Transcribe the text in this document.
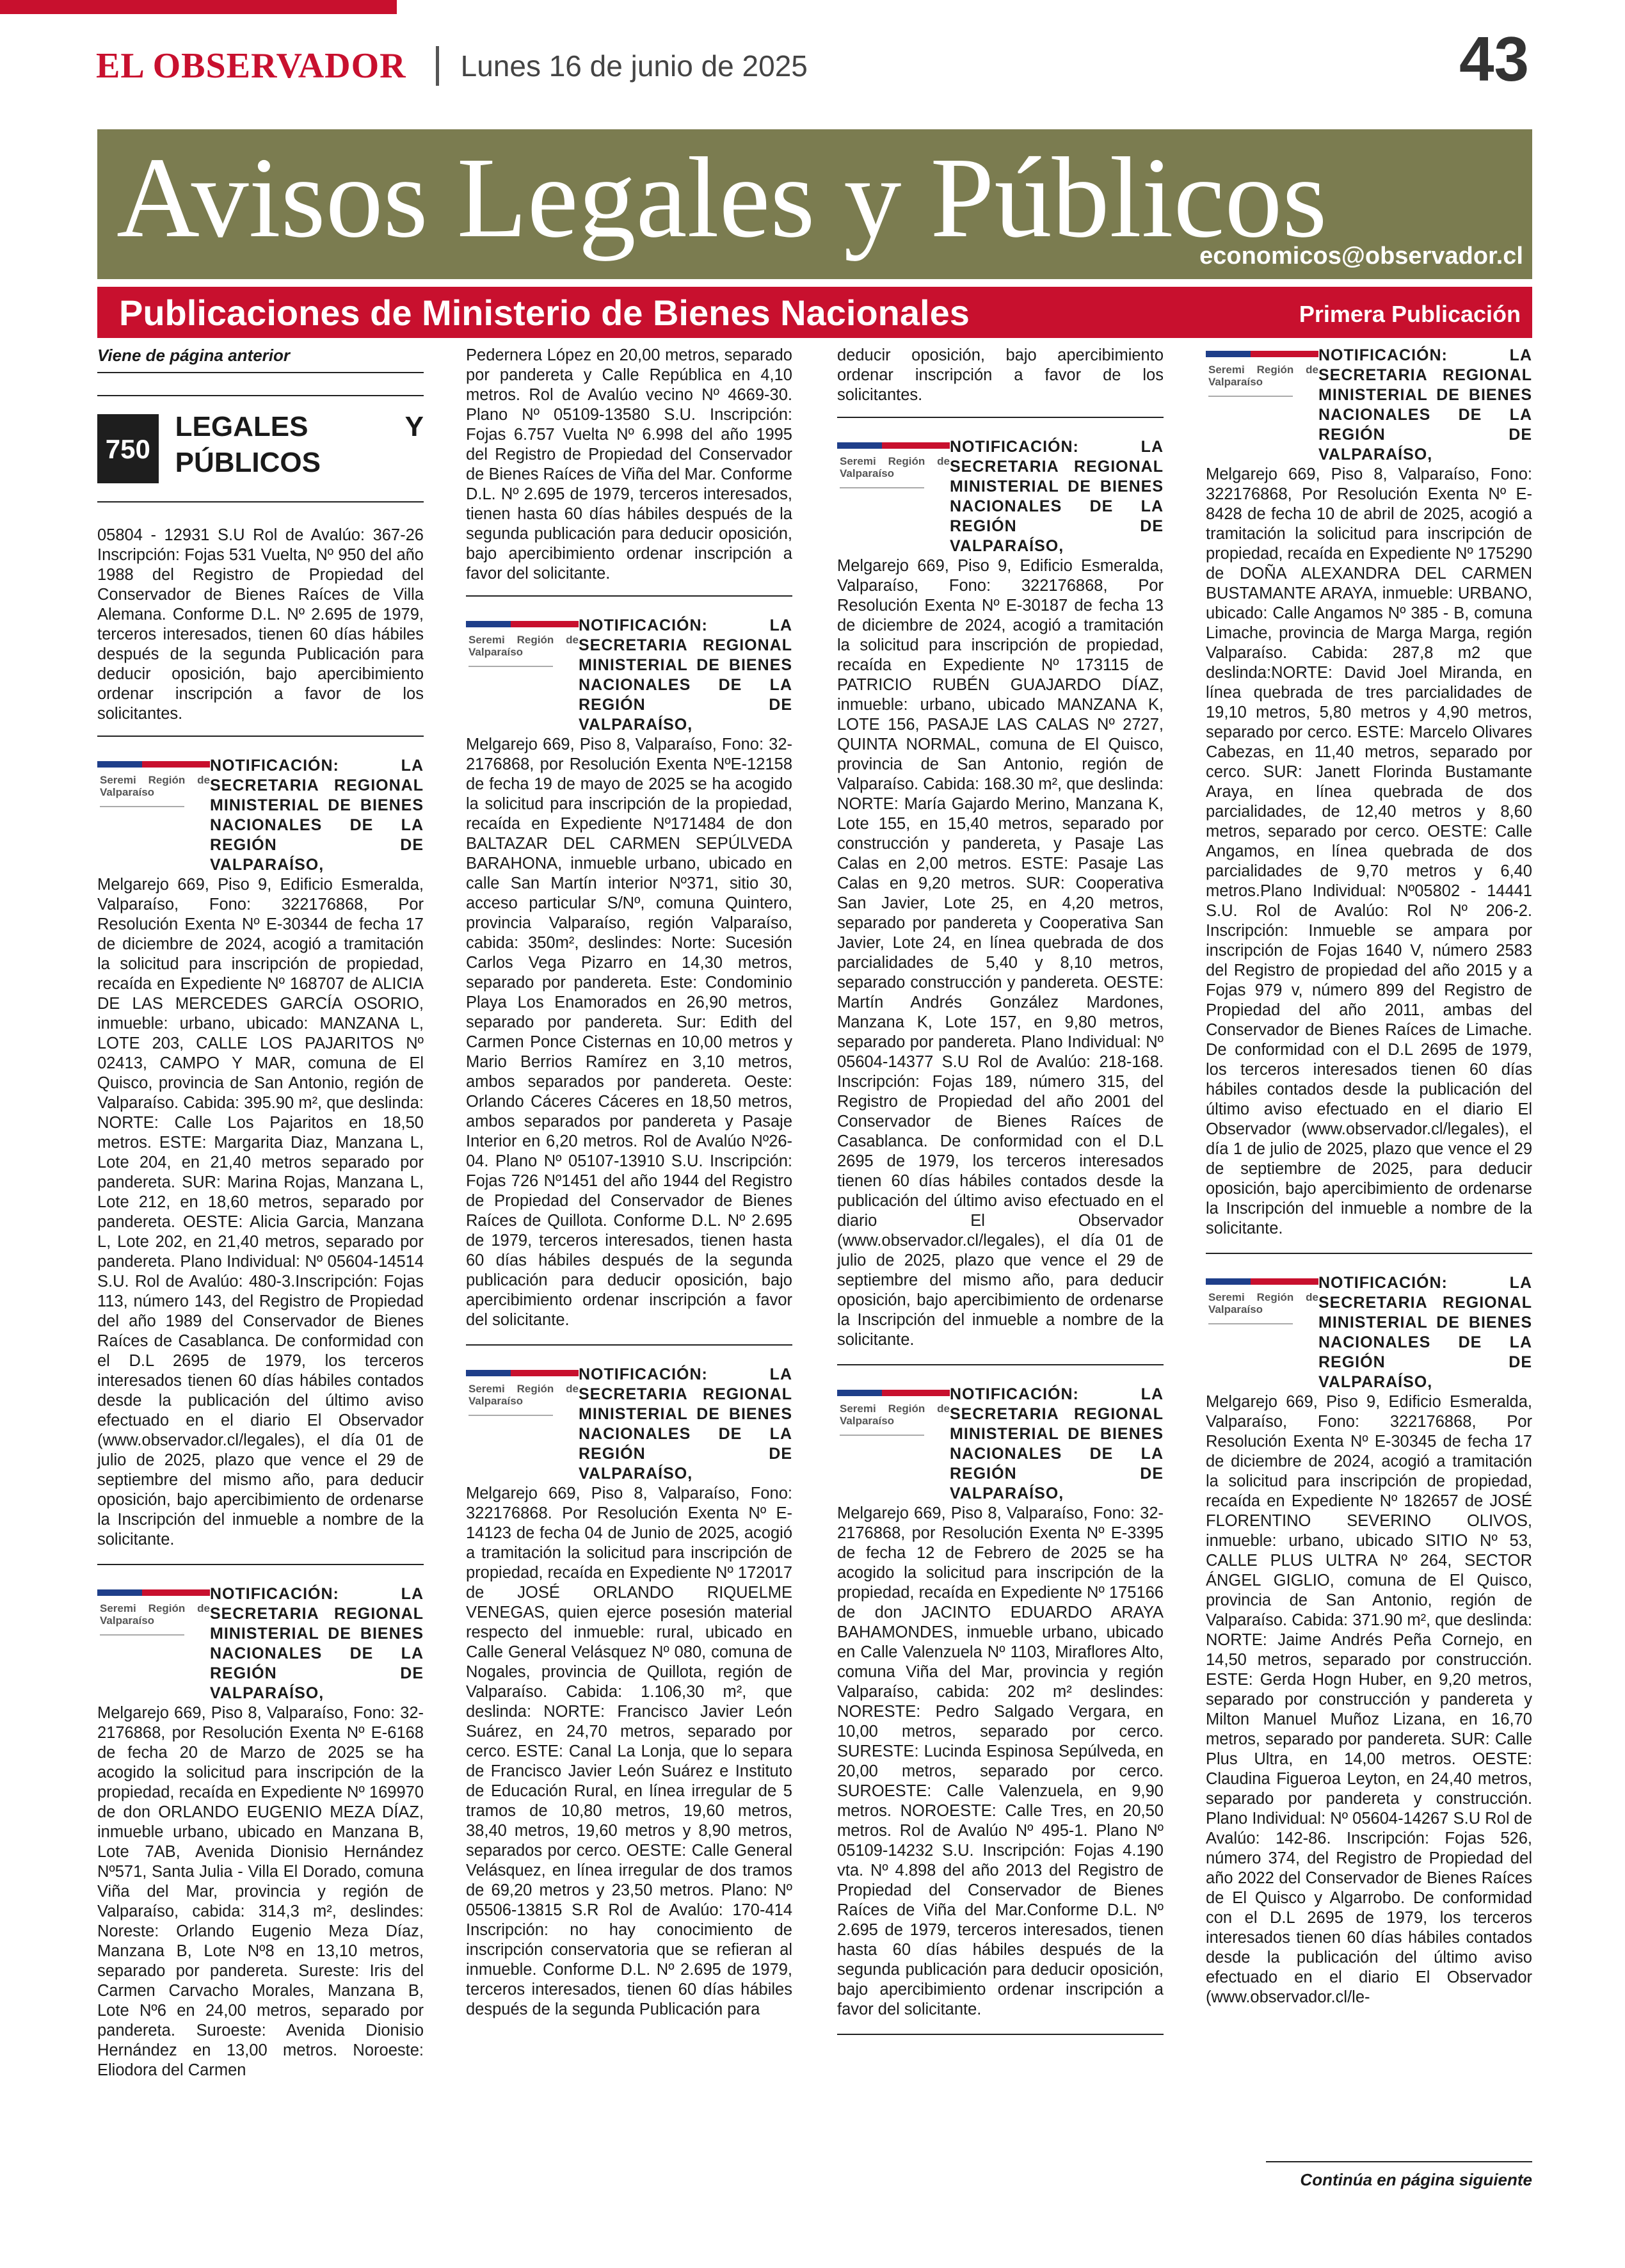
EL OBSERVADOR Lunes 16 de junio de 2025	43
Avisos Legales y Públicos
economicos@observador.cl
Publicaciones de Ministerio de Bienes Nacionales	Primera Publicación
Viene de página anterior
750
LEGALES Y PÚBLICOS

05804 - 12931 S.U Rol de Avalúo: 367-26 Inscripción: Fojas 531 Vuelta, Nº 950 del año 1988 del Registro de Propiedad del Conservador de Bienes Raíces de Villa Alemana. Conforme D.L. Nº 2.695 de 1979, terceros interesados, tienen 60 días hábiles después de la segunda Publicación para deducir oposición, bajo apercibimiento ordenar inscripción a favor de los solicitantes.

Seremi Región de Valparaíso
NOTIFICACIÓN: LA SECRETARIA REGIONAL MINISTERIAL DE BIENES NACIONALES DE LA REGIÓN DE VALPARAÍSO,

Melgarejo 669, Piso 9, Edificio Esmeralda, Valparaíso, Fono: 322176868, Por Resolución Exenta Nº E-30344 de fecha 17 de diciembre de 2024, acogió a tramitación la solicitud para inscripción de propiedad, recaída en Expediente Nº 168707 de ALICIA DE LAS MERCEDES GARCÍA OSORIO, inmueble: urbano, ubicado: MANZANA L, LOTE 203, CALLE LOS PAJARITOS Nº 02413, CAMPO Y MAR, comuna de El Quisco, provincia de San Antonio, región de Valparaíso. Cabida: 395.90 m², que deslinda: NORTE: Calle Los Pajaritos en 18,50 metros. ESTE: Margarita Diaz, Manzana L, Lote 204, en 21,40 metros separado por pandereta. SUR: Marina Rojas, Manzana L, Lote 212, en 18,60 metros, separado por pandereta. OESTE: Alicia Garcia, Manzana L, Lote 202, en 21,40 metros, separado por pandereta. Plano Individual: Nº 05604-14514 S.U. Rol de Avalúo: 480-3.Inscripción: Fojas 113, número 143, del Registro de Propiedad del año 1989 del Conservador de Bienes Raíces de Casablanca. De conformidad con el D.L 2695 de 1979, los terceros interesados tienen 60 días hábiles contados desde la publicación del último aviso efectuado en el diario El Observador (www.observador.cl/legales), el día 01 de julio de 2025, plazo que vence el 29 de septiembre del mismo año, para deducir oposición, bajo apercibimiento de ordenarse la Inscripción del inmueble a nombre de la solicitante.

Seremi Región de Valparaíso
NOTIFICACIÓN: LA SECRETARIA REGIONAL MINISTERIAL DE BIENES NACIONALES DE LA REGIÓN DE VALPARAÍSO,

Melgarejo 669, Piso 8, Valparaíso, Fono: 32-2176868, por Resolución Exenta Nº E-6168 de fecha 20 de Marzo de 2025 se ha acogido la solicitud para inscripción de la propiedad, recaída en Expediente Nº 169970 de don ORLANDO EUGENIO MEZA DÍAZ, inmueble urbano, ubicado en Manzana B, Lote 7AB, Avenida Dionisio Hernández Nº571, Santa Julia - Villa El Dorado, comuna Viña del Mar, provincia y región de Valparaíso, cabida: 314,3 m², deslindes: Noreste: Orlando Eugenio Meza Díaz, Manzana B, Lote Nº8 en 13,10 metros, separado por pandereta. Sureste: Iris del Carmen Carvacho Morales, Manzana B, Lote Nº6 en 24,00 metros, separado por pandereta. Suroeste: Avenida Dionisio Hernández en 13,00 metros. Noroeste: Eliodora del Carmen

Pedernera López en 20,00 metros, separado por pandereta y Calle República en 4,10 metros. Rol de Avalúo vecino Nº 4669-30. Plano Nº 05109-13580 S.U. Inscripción: Fojas 6.757 Vuelta Nº 6.998 del año 1995 del Registro de Propiedad del Conservador de Bienes Raíces de Viña del Mar. Conforme D.L. Nº 2.695 de 1979, terceros interesados, tienen hasta 60 días hábiles después de la segunda publicación para deducir oposición, bajo apercibimiento ordenar inscripción a favor del solicitante.

Seremi Región de Valparaíso
NOTIFICACIÓN: LA SECRETARIA REGIONAL MINISTERIAL DE BIENES NACIONALES DE LA REGIÓN DE VALPARAÍSO,

Melgarejo 669, Piso 8, Valparaíso, Fono: 32-2176868, por Resolución Exenta NºE-12158 de fecha 19 de mayo de 2025 se ha acogido la solicitud para inscripción de la propiedad, recaída en Expediente Nº171484 de don BALTAZAR DEL CARMEN SEPÚLVEDA BARAHONA, inmueble urbano, ubicado en calle San Martín interior Nº371, sitio 30, acceso particular S/Nº, comuna Quintero, provincia Valparaíso, región Valparaíso, cabida: 350m², deslindes: Norte: Sucesión Carlos Vega Pizarro en 14,30 metros, separado por pandereta. Este: Condominio Playa Los Enamorados en 26,90 metros, separado por pandereta. Sur: Edith del Carmen Ponce Cisternas en 10,00 metros y Mario Berrios Ramírez en 3,10 metros, ambos separados por pandereta. Oeste: Orlando Cáceres Cáceres en 18,50 metros, ambos separados por pandereta y Pasaje Interior en 6,20 metros. Rol de Avalúo Nº26-04. Plano Nº 05107-13910 S.U. Inscripción: Fojas 726 Nº1451 del año 1944 del Registro de Propiedad del Conservador de Bienes Raíces de Quillota. Conforme D.L. Nº 2.695 de 1979, terceros interesados, tienen hasta 60 días hábiles después de la segunda publicación para deducir oposición, bajo apercibimiento ordenar inscripción a favor del solicitante.

Seremi Región de Valparaíso
NOTIFICACIÓN: LA SECRETARIA REGIONAL MINISTERIAL DE BIENES NACIONALES DE LA REGIÓN DE VALPARAÍSO,

Melgarejo 669, Piso 8, Valparaíso, Fono: 322176868. Por Resolución Exenta Nº E-14123 de fecha 04 de Junio de 2025, acogió a tramitación la solicitud para inscripción de propiedad, recaída en Expediente Nº 172017 de JOSÉ ORLANDO RIQUELME VENEGAS, quien ejerce posesión material respecto del inmueble: rural, ubicado en Calle General Velásquez Nº 080, comuna de Nogales, provincia de Quillota, región de Valparaíso. Cabida: 1.106,30 m², que deslinda: NORTE: Francisco Javier León Suárez, en 24,70 metros, separado por cerco. ESTE: Canal La Lonja, que lo separa de Francisco Javier León Suárez e Instituto de Educación Rural, en línea irregular de 5 tramos de 10,80 metros, 19,60 metros, 38,40 metros, 19,60 metros y 8,90 metros, separados por cerco. OESTE: Calle General Velásquez, en línea irregular de dos tramos de 69,20 metros y 23,50 metros. Plano: Nº 05506-13815 S.R Rol de Avalúo: 170-414 Inscripción: no hay conocimiento de inscripción conservatoria que se refieran al inmueble. Conforme D.L. Nº 2.695 de 1979, terceros interesados, tienen 60 días hábiles después de la segunda Publicación para

deducir oposición, bajo apercibimiento ordenar inscripción a favor de los solicitantes.

Seremi Región de Valparaíso
NOTIFICACIÓN: LA SECRETARIA REGIONAL MINISTERIAL DE BIENES NACIONALES DE LA REGIÓN DE VALPARAÍSO,

Melgarejo 669, Piso 9, Edificio Esmeralda, Valparaíso, Fono: 322176868, Por Resolución Exenta Nº E-30187 de fecha 13 de diciembre de 2024, acogió a tramitación la solicitud para inscripción de propiedad, recaída en Expediente Nº 173115 de PATRICIO RUBÉN GUAJARDO DÍAZ, inmueble: urbano, ubicado MANZANA K, LOTE 156, PASAJE LAS CALAS Nº 2727, QUINTA NORMAL, comuna de El Quisco, provincia de San Antonio, región de Valparaíso. Cabida: 168.30 m², que deslinda: NORTE: María Gajardo Merino, Manzana K, Lote 155, en 15,40 metros, separado por construcción y pandereta, y Pasaje Las Calas en 2,00 metros. ESTE: Pasaje Las Calas en 9,20 metros. SUR: Cooperativa San Javier, Lote 25, en 4,20 metros, separado por pandereta y Cooperativa San Javier, Lote 24, en línea quebrada de dos parcialidades de 5,40 y 8,10 metros, separado construcción y pandereta. OESTE: Martín Andrés González Mardones, Manzana K, Lote 157, en 9,80 metros, separado por pandereta. Plano Individual: Nº 05604-14377 S.U Rol de Avalúo: 218-168. Inscripción: Fojas 189, número 315, del Registro de Propiedad del año 2001 del Conservador de Bienes Raíces de Casablanca. De conformidad con el D.L 2695 de 1979, los terceros interesados tienen 60 días hábiles contados desde la publicación del último aviso efectuado en el diario El Observador (www.observador.cl/legales), el día 01 de julio de 2025, plazo que vence el 29 de septiembre del mismo año, para deducir oposición, bajo apercibimiento de ordenarse la Inscripción del inmueble a nombre de la solicitante.

Seremi Región de Valparaíso
NOTIFICACIÓN: LA SECRETARIA REGIONAL MINISTERIAL DE BIENES NACIONALES DE LA REGIÓN DE VALPARAÍSO,

Melgarejo 669, Piso 8, Valparaíso, Fono: 32-2176868, por Resolución Exenta Nº E-3395 de fecha 12 de Febrero de 2025 se ha acogido la solicitud para inscripción de la propiedad, recaída en Expediente Nº 175166 de don JACINTO EDUARDO ARAYA BAHAMONDES, inmueble urbano, ubicado en Calle Valenzuela Nº 1103, Miraflores Alto, comuna Viña del Mar, provincia y región Valparaíso, cabida: 202 m² deslindes: NORESTE: Pedro Salgado Vergara, en 10,00 metros, separado por cerco. SURESTE: Lucinda Espinosa Sepúlveda, en 20,00 metros, separado por cerco. SUROESTE: Calle Valenzuela, en 9,90 metros. NOROESTE: Calle Tres, en 20,50 metros. Rol de Avalúo Nº 495-1. Plano Nº 05109-14232 S.U. Inscripción: Fojas 4.190 vta. Nº 4.898 del año 2013 del Registro de Propiedad del Conservador de Bienes Raíces de Viña del Mar.Conforme D.L. Nº 2.695 de 1979, terceros interesados, tienen hasta 60 días hábiles después de la segunda publicación para deducir oposición, bajo apercibimiento ordenar inscripción a favor del solicitante.

Seremi Región de Valparaíso
NOTIFICACIÓN: LA SECRETARIA REGIONAL MINISTERIAL DE BIENES NACIONALES DE LA REGIÓN DE VALPARAÍSO,

Melgarejo 669, Piso 8, Valparaíso, Fono: 322176868, Por Resolución Exenta Nº E-8428 de fecha 10 de abril de 2025, acogió a tramitación la solicitud para inscripción de propiedad, recaída en Expediente Nº 175290 de DOÑA ALEXANDRA DEL CARMEN BUSTAMANTE ARAYA, inmueble: URBANO, ubicado: Calle Angamos Nº 385 - B, comuna Limache, provincia de Marga Marga, región Valparaíso. Cabida: 287,8 m2 que deslinda:NORTE: David Joel Miranda, en línea quebrada de tres parcialidades de 19,10 metros, 5,80 metros y 4,90 metros, separado por cerco. ESTE: Marcelo Olivares Cabezas, en 11,40 metros, separado por cerco. SUR: Janett Florinda Bustamante Araya, en línea quebrada de dos parcialidades, de 12,40 metros y 8,60 metros, separado por cerco. OESTE: Calle Angamos, en línea quebrada de dos parcialidades de 9,70 metros y 6,40 metros.Plano Individual: Nº05802 - 14441 S.U. Rol de Avalúo: Rol Nº 206-2. Inscripción: Inmueble se ampara por inscripción de Fojas 1640 V, número 2583 del Registro de propiedad del año 2015 y a Fojas 979 v, número 899 del Registro de Propiedad del año 2011, ambas del Conservador de Bienes Raíces de Limache. De conformidad con el D.L 2695 de 1979, los terceros interesados tienen 60 días hábiles contados desde la publicación del último aviso efectuado en el diario El Observador (www.observador.cl/legales), el día 1 de julio de 2025, plazo que vence el 29 de septiembre de 2025, para deducir oposición, bajo apercibimiento de ordenarse la Inscripción del inmueble a nombre de la solicitante.

Seremi Región de Valparaíso
NOTIFICACIÓN: LA SECRETARIA REGIONAL MINISTERIAL DE BIENES NACIONALES DE LA REGIÓN DE VALPARAÍSO,

Melgarejo 669, Piso 9, Edificio Esmeralda, Valparaíso, Fono: 322176868, Por Resolución Exenta Nº E-30345 de fecha 17 de diciembre de 2024, acogió a tramitación la solicitud para inscripción de propiedad, recaída en Expediente Nº 182657 de JOSÉ FLORENTINO SEVERINO OLIVOS, inmueble: urbano, ubicado SITIO Nº 53, CALLE PLUS ULTRA Nº 264, SECTOR ÁNGEL GIGLIO, comuna de El Quisco, provincia de San Antonio, región de Valparaíso. Cabida: 371.90 m², que deslinda: NORTE: Jaime Andrés Peña Cornejo, en 14,50 metros, separado por construcción. ESTE: Gerda Hogn Huber, en 9,20 metros, separado por construcción y pandereta y Milton Manuel Muñoz Lizana, en 16,70 metros, separado por pandereta. SUR: Calle Plus Ultra, en 14,00 metros. OESTE: Claudina Figueroa Leyton, en 24,40 metros, separado por pandereta y construcción. Plano Individual: Nº 05604-14267 S.U Rol de Avalúo: 142-86. Inscripción: Fojas 526, número 374, del Registro de Propiedad del año 2022 del Conservador de Bienes Raíces de El Quisco y Algarrobo. De conformidad con el D.L 2695 de 1979, los terceros interesados tienen 60 días hábiles contados desde la publicación del último aviso efectuado en el diario El Observador (www.observador.cl/le-

Continúa en página siguiente
